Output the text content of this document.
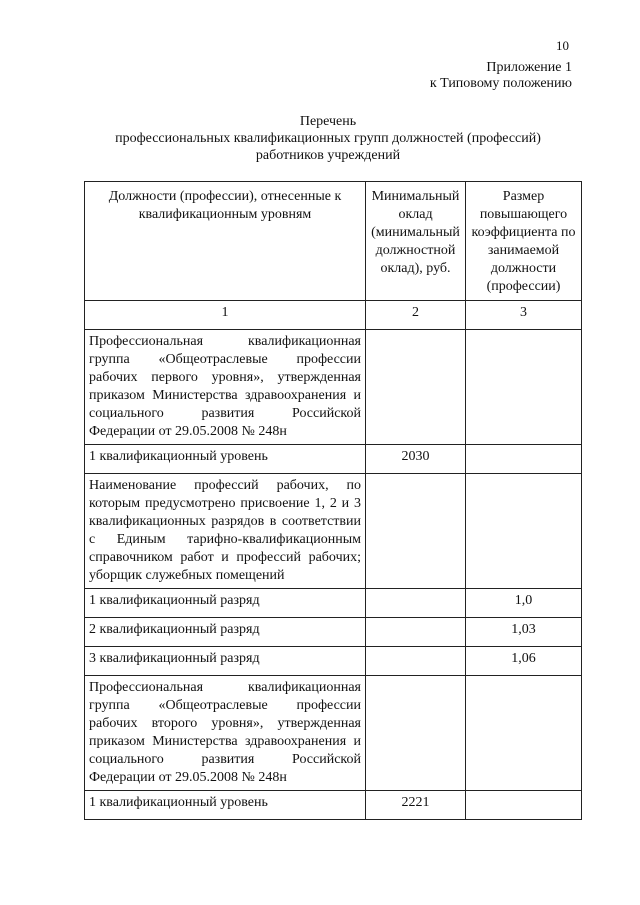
10
Приложение 1
к Типовому положению
Перечень
профессиональных квалификационных групп должностей (профессий)
работников учреждений
Должности (профессии), отнесенные к квалификационным уровням	Минимальный оклад (минимальный должностной оклад), руб.	Размер повышающего коэффициента по занимаемой должности (профессии)
1	2	3
Профессиональная квалификационная группа «Общеотраслевые профессии рабочих первого уровня», утвержденная приказом Министерства здравоохранения и социального развития Российской Федерации от 29.05.2008 № 248н		
1 квалификационный уровень	2030	
Наименование профессий рабочих, по которым предусмотрено присвоение 1, 2 и 3 квалификационных разрядов в соответствии с Единым тарифно-квалификационным справочником работ и профессий рабочих; уборщик служебных помещений		
1 квалификационный разряд		1,0
2 квалификационный разряд		1,03
3 квалификационный разряд		1,06
Профессиональная квалификационная группа «Общеотраслевые профессии рабочих второго уровня», утвержденная приказом Министерства здравоохранения и социального развития Российской Федерации от 29.05.2008 № 248н		
1 квалификационный уровень	2221	
